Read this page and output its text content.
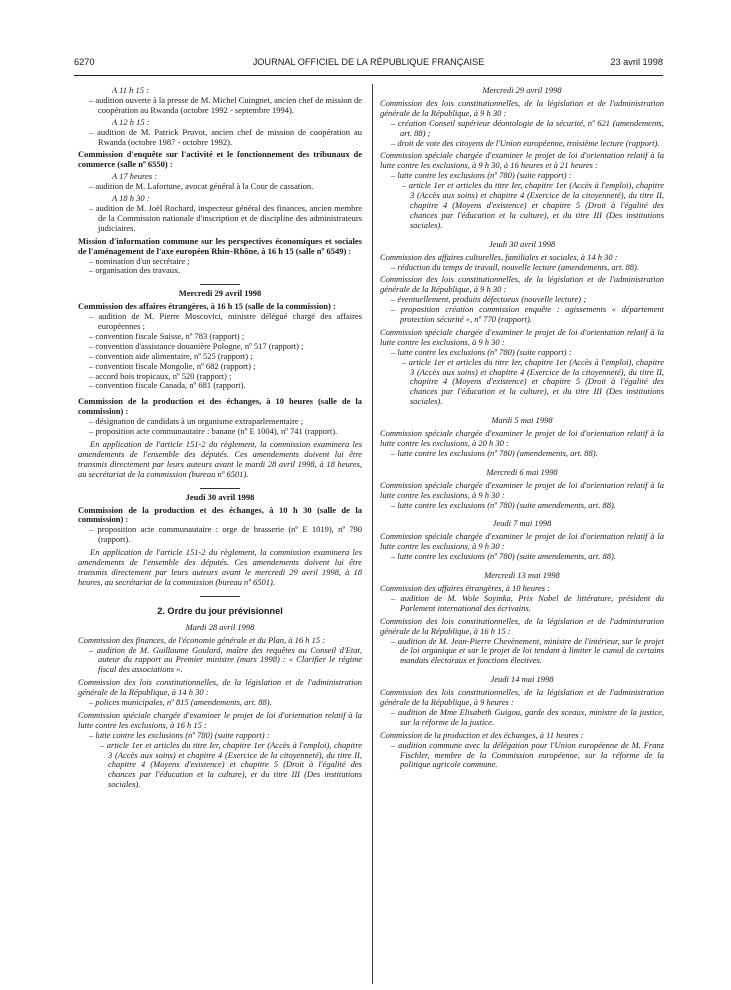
6270	JOURNAL OFFICIEL DE LA RÉPUBLIQUE FRANÇAISE	23 avril 1998

A 11 h 15 :

– audition ouverte à la presse de M. Michel Cuingnet, ancien chef de mission de coopération au Rwanda (octobre 1992 - septembre 1994).

A 12 h 15 :

– audition de M. Patrick Pruvot, ancien chef de mission de coopération au Rwanda (octobre 1987 - octobre 1992).

Commission d'enquête sur l'activité et le fonctionnement des tribunaux de commerce (salle nº 6550) :

A 17 heures :

– audition de M. Lafortune, avocat général à la Cour de cassation.

A 18 h 30 :

– audition de M. Joël Rochard, inspecteur général des finances, ancien membre de la Commission nationale d'inscription et de discipline des administrateurs judiciaires.

Mission d'information commune sur les perspectives économiques et sociales de l'aménagement de l'axe européen Rhin–Rhône, à 16 h 15 (salle nº 6549) :

– nomination d'un secrétaire ;

– organisation des travaux.

Mercredi 29 avril 1998

Commission des affaires étrangères, à 16 h 15 (salle de la commission) :

– audition de M. Pierre Moscovici, ministre délégué chargé des affaires européennes ;

– convention fiscale Suisse, nº 783 (rapport) ;

– convention d'assistance douanière Pologne, nº 517 (rapport) ;

– convention aide alimentaire, nº 525 (rapport) ;

– convention fiscale Mongolie, nº 682 (rapport) ;

– accord bois tropicaux, nº 520 (rapport) ;

– convention fiscale Canada, nº 681 (rapport).

Commission de la production et des échanges, à 10 heures (salle de la commission) :

– désignation de candidats à un organisme extraparlementaire ;

– proposition acte communautaire : banane (nº E 1004), nº 741 (rapport).

En application de l'article 151-2 du règlement, la commission examinera les amendements de l'ensemble des députés. Ces amendements doivent lui être transmis directement par leurs auteurs avant le mardi 28 avril 1998, à 18 heures, au secrétariat de la commission (bureau nº 6501).

Jeudi 30 avril 1998

Commission de la production et des échanges, à 10 h 30 (salle de la commission) :

– proposition acte communautaire : orge de brasserie (nº E 1019), nº 790 (rapport).

En application de l'article 151-2 du règlement, la commission examinera les amendements de l'ensemble des députés. Ces amendements doivent lui être transmis directement par leurs auteurs avant le mercredi 29 avril 1998, à 18 heures, au secrétariat de la commission (bureau nº 6501).

2. Ordre du jour prévisionnel

Mardi 28 avril 1998

Commission des finances, de l'économie générale et du Plan, à 16 h 15 :

– audition de M. Guillaume Goulard, maître des requêtes au Conseil d'Etat, auteur du rapport au Premier ministre (mars 1998) : « Clarifier le régime fiscal des associations ».

Commission des lois constitutionnelles, de la législation et de l'administration générale de la République, à 14 h 30 :

– polices municipales, nº 815 (amendements, art. 88).

Commission spéciale chargée d'examiner le projet de loi d'orientation relatif à la lutte contre les exclusions, à 16 h 15 :

– lutte contre les exclusions (nº 780) (suite rapport) :

– article 1er et articles du titre Ier, chapitre 1er (Accès à l'emploi), chapitre 3 (Accès aux soins) et chapitre 4 (Exercice de la citoyenneté), du titre II, chapitre 4 (Moyens d'existence) et chapitre 5 (Droit à l'égalité des chances par l'éducation et la culture), et du titre III (Des institutions sociales).

Mercredi 29 avril 1998

Commission des lois constitutionnelles, de la législation et de l'administration générale de la République, à 9 h 30 :

– création Conseil supérieur déontologie de la sécurité, nº 621 (amendements, art. 88) ;

– droit de vote des citoyens de l'Union européenne, troisième lecture (rapport).

Commission spéciale chargée d'examiner le projet de loi d'orientation relatif à la lutte contre les exclusions, à 9 h 30, à 16 heures et à 21 heures :

– lutte contre les exclusions (nº 780) (suite rapport) :

– article 1er et articles du titre Ier, chapitre 1er (Accès à l'emploi), chapitre 3 (Accès aux soins) et chapitre 4 (Exercice de la citoyenneté), du titre II, chapitre 4 (Moyens d'existence) et chapitre 5 (Droit à l'égalité des chances par l'éducation et la culture), et du titre III (Des institutions sociales).

Jeudi 30 avril 1998

Commission des affaires culturelles, familiales et sociales, à 14 h 30 :

– réduction du temps de travail, nouvelle lecture (amendements, art. 88).

Commission des lois constitutionnelles, de la législation et de l'administration générale de la République, à 9 h 30 :

– éventuellement, produits défectueux (nouvelle lecture) ;

– proposition création commission enquête : agissements « département protection sécurité », nº 770 (rapport).

Commission spéciale chargée d'examiner le projet de loi d'orientation relatif à la lutte contre les exclusions, à 9 h 30 :

– lutte contre les exclusions (nº 780) (suite rapport) :

– article 1er et articles du titre Ier, chapitre 1er (Accès à l'emploi), chapitre 3 (Accès aux soins) et chapitre 4 (Exercice de la citoyenneté), du titre II, chapitre 4 (Moyens d'existence) et chapitre 5 (Droit à l'égalité des chances par l'éducation et la culture), et du titre III (Des institutions sociales).

Mardi 5 mai 1998

Commission spéciale chargée d'examiner le projet de loi d'orientation relatif à la lutte contre les exclusions, à 20 h 30 :

– lutte contre les exclusions (nº 780) (amendements, art. 88).

Mercredi 6 mai 1998

Commission spéciale chargée d'examiner le projet de loi d'orientation relatif à la lutte contre les exclusions, à 9 h 30 :

– lutte contre les exclusions (nº 780) (suite amendements, art. 88).

Jeudi 7 mai 1998

Commission spéciale chargée d'examiner le projet de loi d'orientation relatif à la lutte contre les exclusions, à 9 h 30 :

– lutte contre les exclusions (nº 780) (suite amendements, art. 88).

Mercredi 13 mai 1998

Commission des affaires étrangères, à 10 heures :

– audition de M. Wole Soyinka, Prix Nobel de littérature, président du Parlement international des écrivains.

Commission des lois constitutionnelles, de la législation et de l'administration générale de la République, à 16 h 15 :

– audition de M. Jean-Pierre Chevènement, ministre de l'intérieur, sur le projet de loi organique et sur le projet de loi tendant à limiter le cumul de certains mandats électoraux et fonctions électives.

Jeudi 14 mai 1998

Commission des lois constitutionnelles, de la législation et de l'administration générale de la République, à 9 heures :

– audition de Mme Elisabeth Guigou, garde des sceaux, ministre de la justice, sur la réforme de la justice.

Commission de la production et des échanges, à 11 heures :

– audition commune avec la délégation pour l'Union européenne de M. Franz Fischler, membre de la Commission européenne, sur la réforme de la politique agricole commune.
